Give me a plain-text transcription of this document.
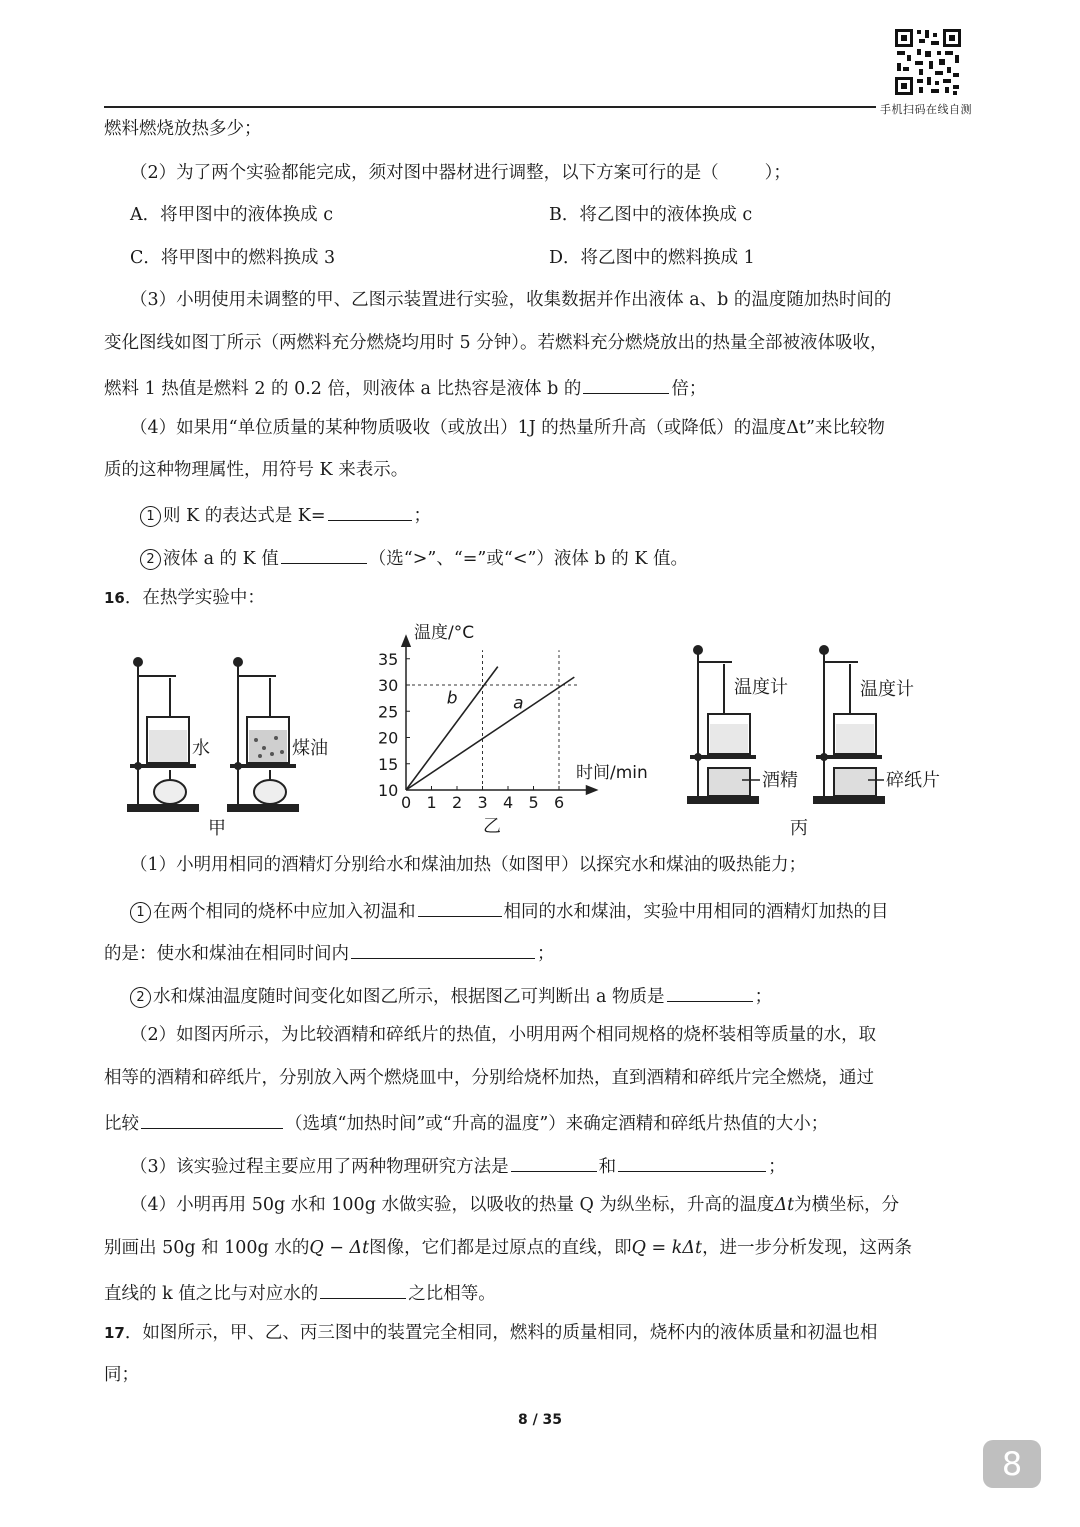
手机扫码在线自测
燃料燃烧放热多少；
（2）为了两个实验都能完成，须对图中器材进行调整，以下方案可行的是（	）；
A．将甲图中的液体换成 c	B．将乙图中的液体换成 c
C．将甲图中的燃料换成 3	D．将乙图中的燃料换成 1
（3）小明使用未调整的甲、乙图示装置进行实验，收集数据并作出液体 a、b 的温度随加热时间的
变化图线如图丁所示（两燃料充分燃烧均用时 5 分钟）。若燃料充分燃烧放出的热量全部被液体吸收，
燃料 1 热值是燃料 2 的 0.2 倍，则液体 a 比热容是液体 b 的	倍；
（4）如果用“单位质量的某种物质吸收（或放出）1J 的热量所升高（或降低）的温度Δt”来比较物
质的这种物理属性，用符号 K 来表示。
1 则 K 的表达式是 K=	；
2 液体 a 的 K 值	（选“>”、“=”或“<”）液体 b 的 K 值。
16．在热学实验中：
水	煤油
甲
0 1 2 3 4 5 6
10
15
20
25
30
35
b	a
温度/°C
时间/min
乙
温度计	温度计
酒精	碎纸片
丙
（1）小明用相同的酒精灯分别给水和煤油加热（如图甲）以探究水和煤油的吸热能力；
1 在两个相同的烧杯中应加入初温和	相同的水和煤油，实验中用相同的酒精灯加热的目
的是：使水和煤油在相同时间内	；
2 水和煤油温度随时间变化如图乙所示，根据图乙可判断出 a 物质是	；
（2）如图丙所示，为比较酒精和碎纸片的热值，小明用两个相同规格的烧杯装相等质量的水，取
相等的酒精和碎纸片，分别放入两个燃烧皿中，分别给烧杯加热，直到酒精和碎纸片完全燃烧，通过
比较	（选填“加热时间”或“升高的温度”）来确定酒精和碎纸片热值的大小；
（3）该实验过程主要应用了两种物理研究方法是	和	；
（4）小明再用 50g 水和 100g 水做实验，以吸收的热量 Q 为纵坐标，升高的温度Δt为横坐标，分
别画出 50g 和 100g 水的Q − Δt图像，它们都是过原点的直线，即Q = kΔt，进一步分析发现，这两条
直线的 k 值之比与对应水的	之比相等。
17．如图所示，甲、乙、丙三图中的装置完全相同，燃料的质量相同，烧杯内的液体质量和初温也相
同；
8 / 35
8
